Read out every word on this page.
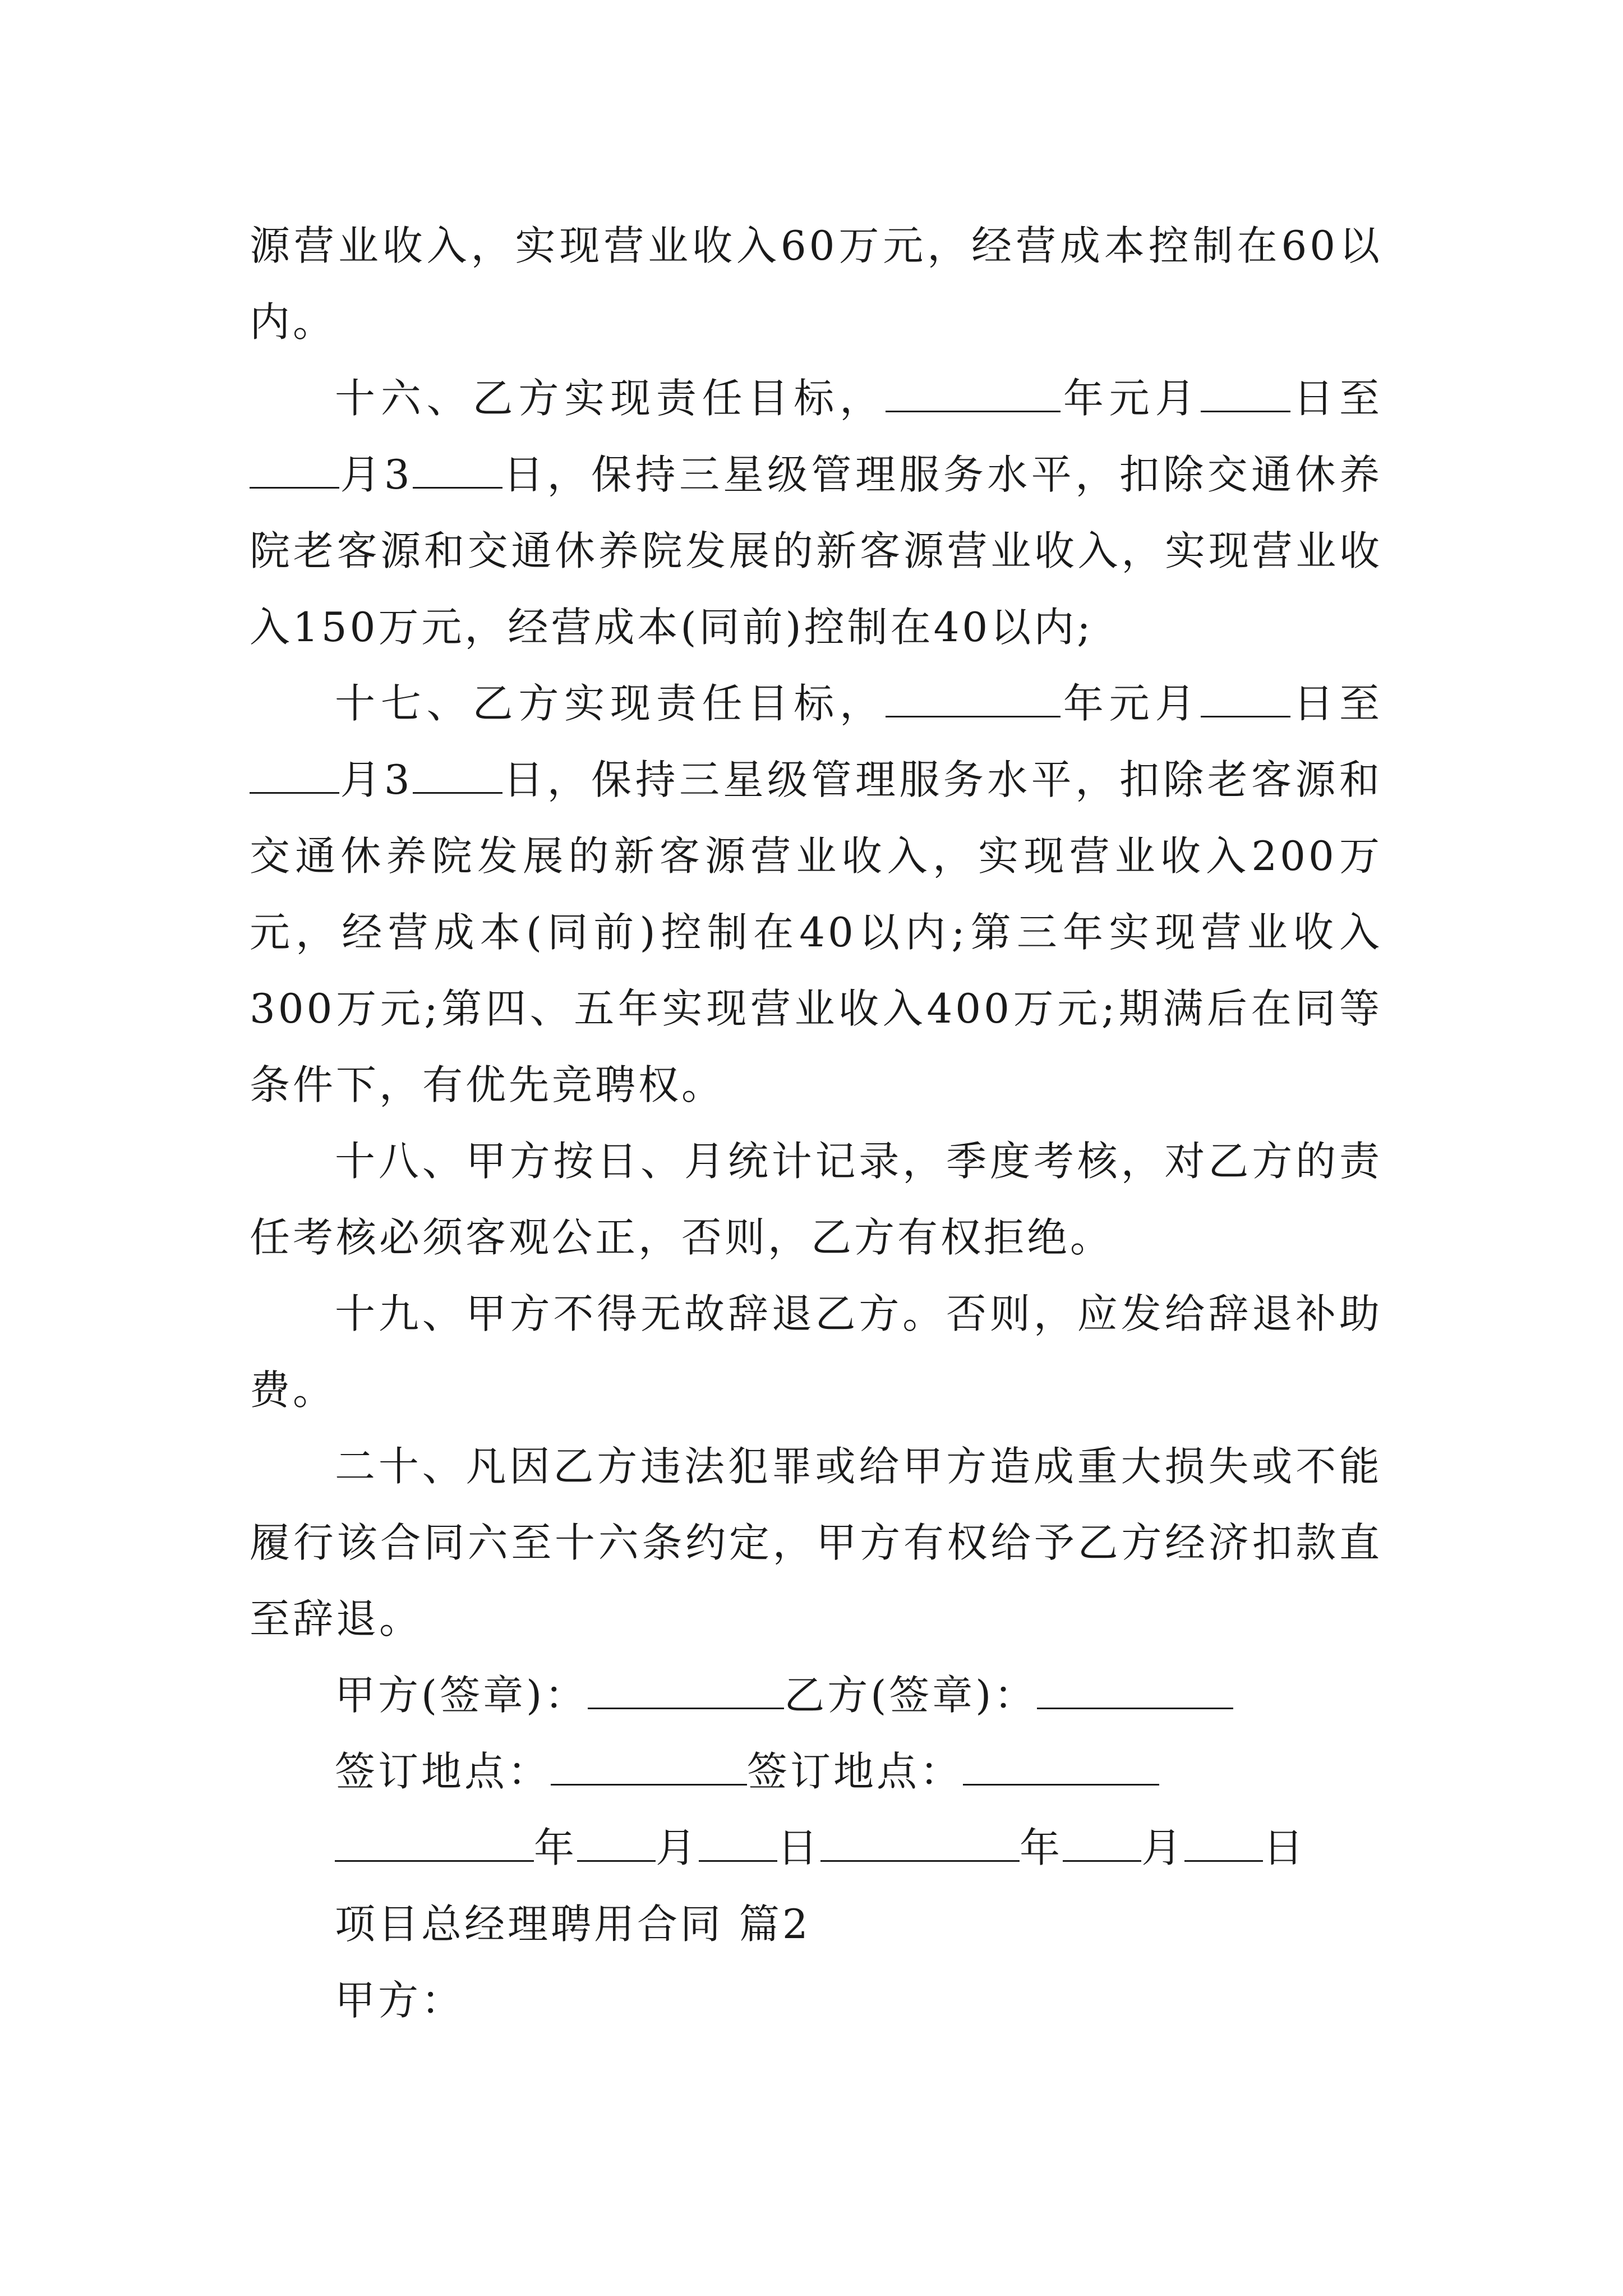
源营业收入，实现营业收入60万元，经营成本控制在60以内。

十六、乙方实现责任目标，	年元月 日至月3 日，保持三星级管理服务水平，扣除交通休养院老客源和交通休养院发展的新客源营业收入，实现营业收入150万元，经营成本(同前)控制在40以内;

十七、乙方实现责任目标，	年元月 日至月3 日，保持三星级管理服务水平，扣除老客源和交通休养院发展的新客源营业收入，实现营业收入200万元，经营成本(同前)控制在40以内;第三年实现营业收入300万元;第四、五年实现营业收入400万元;期满后在同等条件下，有优先竞聘权。

十八、甲方按日、月统计记录，季度考核，对乙方的责任考核必须客观公正，否则，乙方有权拒绝。

十九、甲方不得无故辞退乙方。否则，应发给辞退补助费。

二十、凡因乙方违法犯罪或给甲方造成重大损失或不能履行该合同六至十六条约定，甲方有权给予乙方经济扣款直至辞退。

甲方(签章)：	乙方(签章)：

签订地点：	签订地点：

年 月 日	年 月 日

项目总经理聘用合同 篇2

甲方：
